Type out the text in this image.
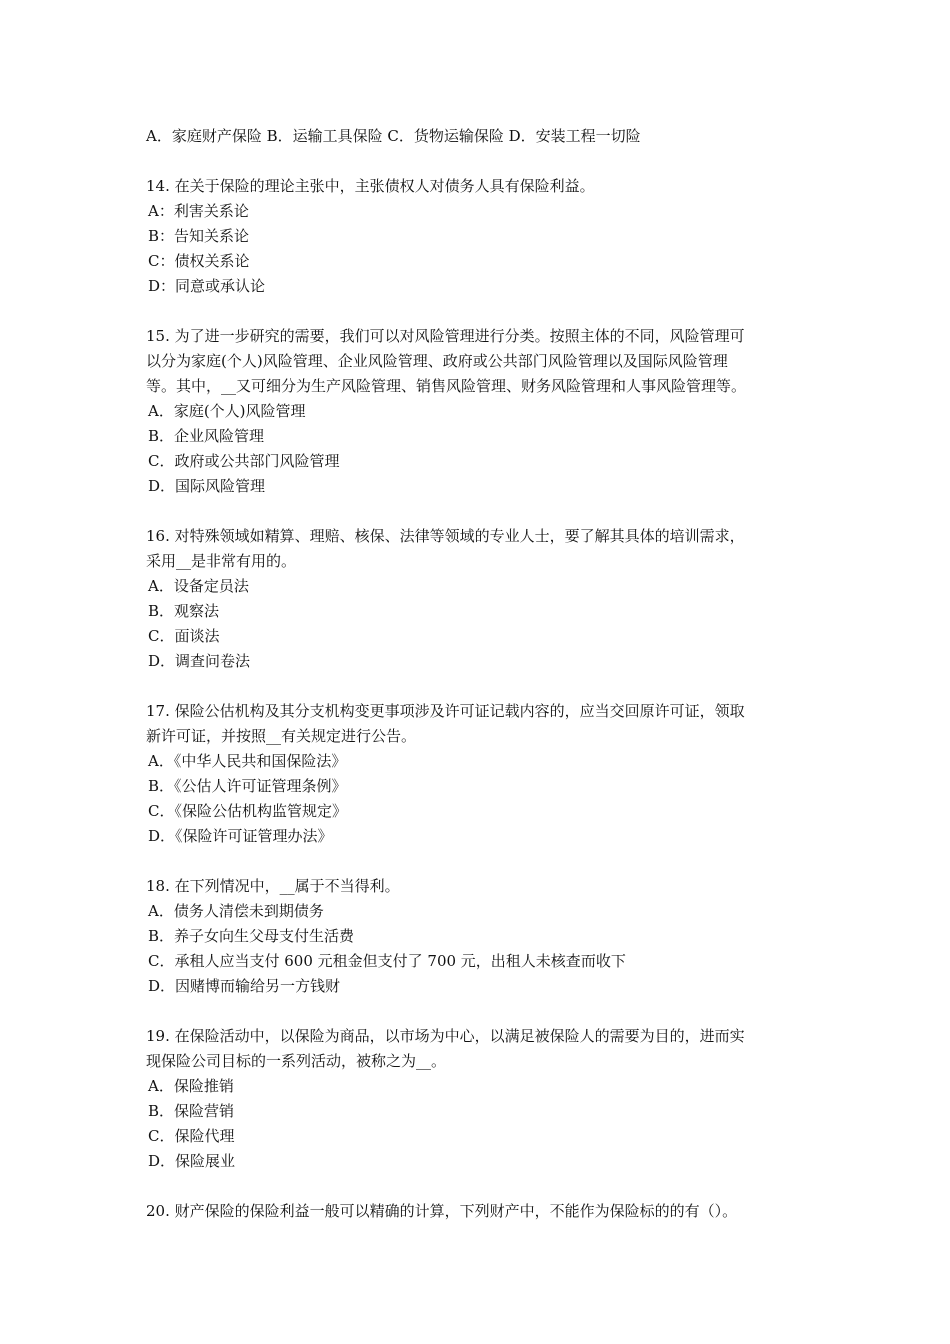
A．家庭财产保险 B．运输工具保险 C．货物运输保险 D．安装工程一切险
14. 在关于保险的理论主张中，主张债权人对债务人具有保险利益。
A：利害关系论
B：告知关系论
C：债权关系论
D：同意或承认论
15. 为了进一步研究的需要，我们可以对风险管理进行分类。按照主体的不同，风险管理可
以分为家庭(个人)风险管理、企业风险管理、政府或公共部门风险管理以及国际风险管理
等。其中，__又可细分为生产风险管理、销售风险管理、财务风险管理和人事风险管理等。
A．家庭(个人)风险管理
B．企业风险管理
C．政府或公共部门风险管理
D．国际风险管理
16. 对特殊领域如精算、理赔、核保、法律等领域的专业人士，要了解其具体的培训需求，
采用__是非常有用的。
A．设备定员法
B．观察法
C．面谈法
D．调查问卷法
17. 保险公估机构及其分支机构变更事项涉及许可证记载内容的，应当交回原许可证，领取
新许可证，并按照__有关规定进行公告。
A．《中华人民共和国保险法》
B．《公估人许可证管理条例》
C．《保险公估机构监管规定》
D．《保险许可证管理办法》
18. 在下列情况中，__属于不当得利。
A．债务人清偿未到期债务
B．养子女向生父母支付生活费
C．承租人应当支付 600 元租金但支付了 700 元，出租人未核查而收下
D．因赌博而输给另一方钱财
19. 在保险活动中，以保险为商品，以市场为中心，以满足被保险人的需要为目的，进而实
现保险公司目标的一系列活动，被称之为__。
A．保险推销
B．保险营销
C．保险代理
D．保险展业
20. 财产保险的保险利益一般可以精确的计算，下列财产中，不能作为保险标的的有（）。
